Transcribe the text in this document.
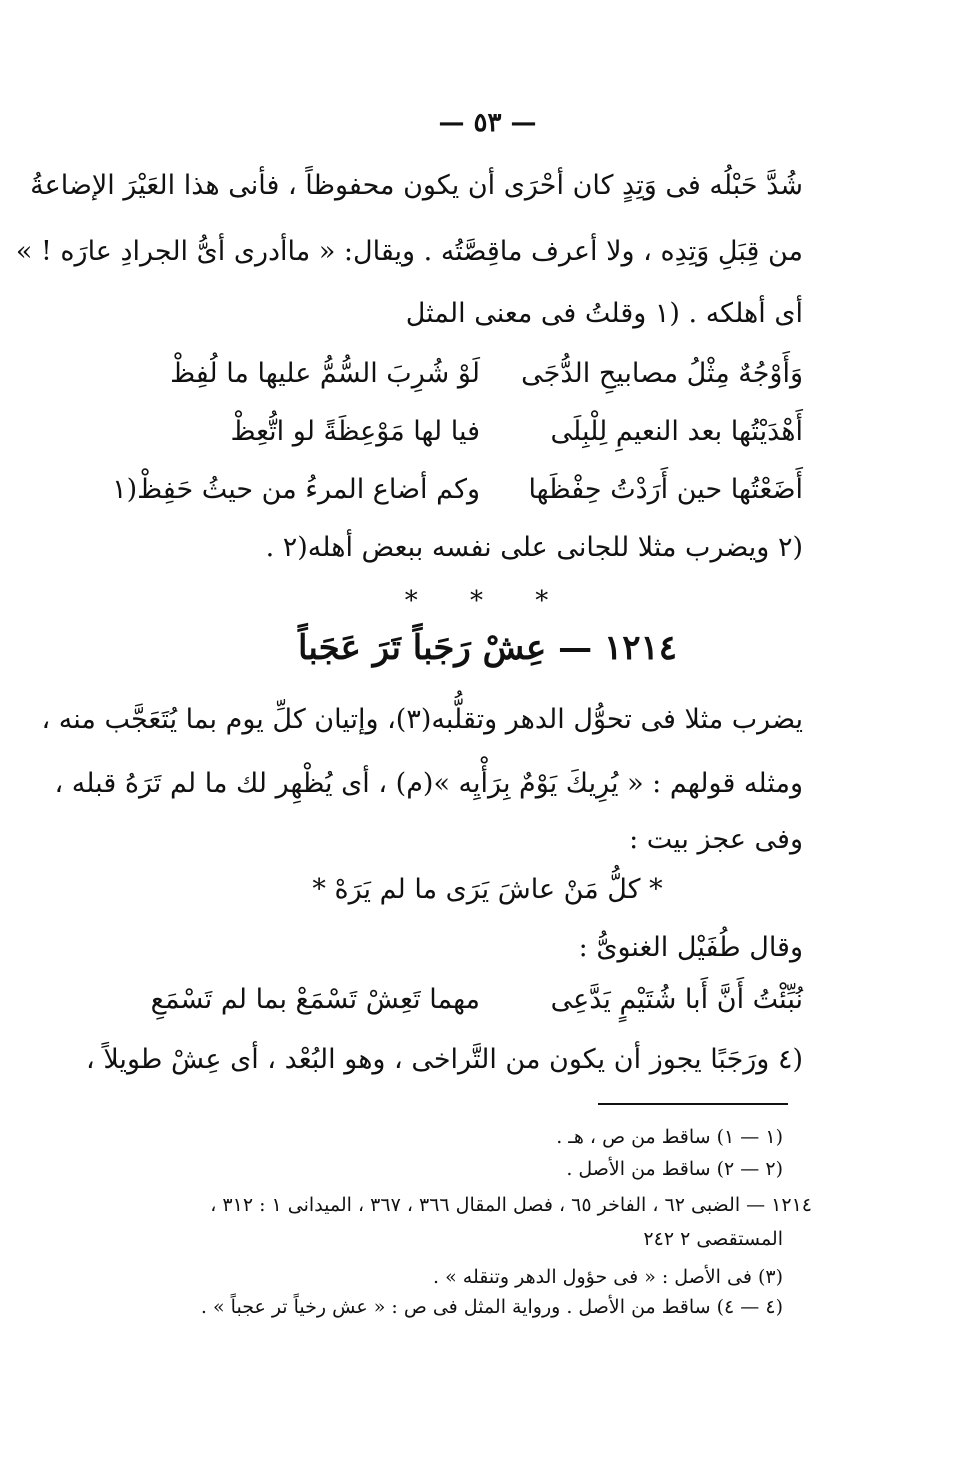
— ٥٣ —
شُدَّ حَبْلُه فى وَتِدٍ كان أحْرَى أن يكون محفوظاً ، فأنى هذا العَيْرَ الإضاعةُ
من قِبَلِ وَتِدِه ، ولا أعرف ماقِصَّتُه . ويقال: « ماأدرى أىُّ الجرادِ عارَه ! »
أى أهلكه . (١ وقلتُ فى معنى المثل
وَأَوْجُهٌ مِثْلُ مصابيحِ الدُّجَى
لَوْ شُرِبَ السُّمُّ عليها ما لُفِظْ
أَهْدَيْتُها بعد النعيمِ لِلْبِلَى
فيا لها مَوْعِظَةً لو اتُّعِظْ
أَضَعْتُها حين أَرَدْتُ حِفْظَها
وكم أضاع المرءُ من حيثُ حَفِظْ(١
(٢ ويضرب مثلا للجانى على نفسه ببعض أهله(٢ .
* * *
١٢١٤ — عِشْ رَجَباً تَرَ عَجَباً
يضرب مثلا فى تحوُّل الدهر وتقلُّبه(٣)، وإتيان كلِّ يوم بما يُتَعَجَّب منه ،
ومثله قولهم : « يُرِيكَ يَوْمٌ بِرَأْيِه »(م) ، أى يُظْهِر لك ما لم تَرَهُ قبله ،
وفى عجز بيت :
* كلُّ مَنْ عاشَ يَرَى ما لم يَرَهْ *
وقال طُفَيْل الغنوىُّ :
نُبِّئْتُ أَنَّ أَبا شُتَيْمٍ يَدَّعِى
مهما تَعِشْ تَسْمَعْ بما لم تَسْمَعِ
(٤ ورَجَبًا يجوز أن يكون من التَّراخى ، وهو البُعْد ، أى عِشْ طويلاً ،
(١ — ١) ساقط من ص ، هـ .
(٢ — ٢) ساقط من الأصل .
١٢١٤ — الضبى ٦٢ ، الفاخر ٦٥ ، فصل المقال ٣٦٦ ، ٣٦٧ ، الميدانى ١ : ٣١٢ ،
المستقصى ٢ ٢٤٢
(٣) فى الأصل : « فى حؤول الدهر وتنقله » .
(٤ — ٤) ساقط من الأصل . ورواية المثل فى ص : « عش رخياً تر عجباً » .
